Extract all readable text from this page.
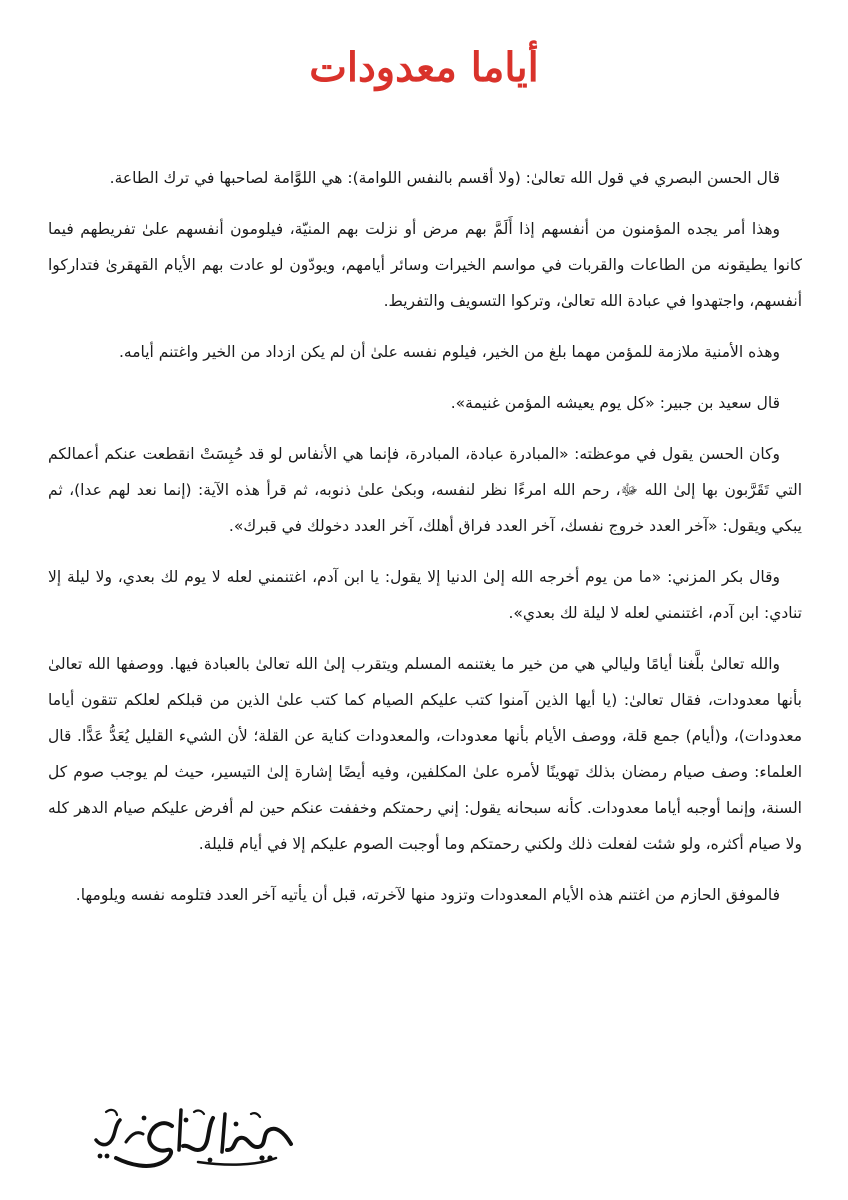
أياما معدودات

قال الحسن البصري في قول الله تعالىٰ: (ولا أقسم بالنفس اللوامة): هي اللوَّامة لصاحبها في ترك الطاعة.

وهذا أمر يجده المؤمنون من أنفسهم إذا أَلَمَّ بهم مرض أو نزلت بهم المنيّة، فيلومون أنفسهم علىٰ تفريطهم فيما كانوا يطيقونه من الطاعات والقربات في مواسم الخيرات وسائر أيامهم، ويودّون لو عادت بهم الأيام القهقرىٰ فتداركوا أنفسهم، واجتهدوا في عبادة الله تعالىٰ، وتركوا التسويف والتفريط.

وهذه الأمنية ملازمة للمؤمن مهما بلغ من الخير، فيلوم نفسه علىٰ أن لم يكن ازداد من الخير واغتنم أيامه.

قال سعيد بن جبير: «كل يوم يعيشه المؤمن غنيمة».

وكان الحسن يقول في موعظته: «المبادرة عبادة، المبادرة، فإنما هي الأنفاس لو قد حُبِسَتْ انقطعت عنكم أعمالكم التي تَقَرَّبون بها إلىٰ الله ﷻ، رحم الله امرءًا نظر لنفسه، وبكىٰ علىٰ ذنوبه، ثم قرأ هذه الآية: (إنما نعد لهم عدا)، ثم يبكي ويقول: «آخر العدد خروج نفسك، آخر العدد فراق أهلك، آخر العدد دخولك في قبرك».

وقال بكر المزني: «ما من يوم أخرجه الله إلىٰ الدنيا إلا يقول: يا ابن آدم، اغتنمني لعله لا يوم لك بعدي، ولا ليلة إلا تنادي: ابن آدم، اغتنمني لعله لا ليلة لك بعدي».

والله تعالىٰ بلَّغنا أيامًا وليالي هي من خير ما يغتنمه المسلم ويتقرب إلىٰ الله تعالىٰ بالعبادة فيها. ووصفها الله تعالىٰ بأنها معدودات، فقال تعالىٰ: (يا أيها الذين آمنوا كتب عليكم الصيام كما كتب علىٰ الذين من قبلكم لعلكم تتقون أياما معدودات)، و(أيام) جمع قلة، ووصف الأيام بأنها معدودات، والمعدودات كناية عن القلة؛ لأن الشيء القليل يُعَدُّ عَدًّا. قال العلماء: وصف صيام رمضان بذلك تهوينًا لأمره علىٰ المكلفين، وفيه أيضًا إشارة إلىٰ التيسير، حيث لم يوجب صوم كل السنة، وإنما أوجبه أياما معدودات. كأنه سبحانه يقول: إني رحمتكم وخففت عنكم حين لم أفرض عليكم صيام الدهر كله ولا صيام أكثره، ولو شئت لفعلت ذلك ولكني رحمتكم وما أوجبت الصوم عليكم إلا في أيام قليلة.

فالموفق الحازم من اغتنم هذه الأيام المعدودات وتزود منها لآخرته، قبل أن يأتيه آخر العدد فتلومه نفسه ويلومها.
